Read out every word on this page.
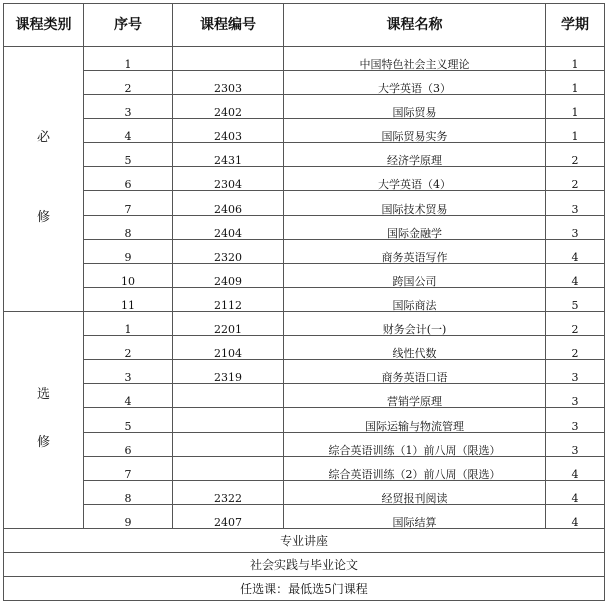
课程类别	序号	课程编号	课程名称	学期

必
修	1		中国特色社会主义理论	1
	2	2303	大学英语（3）	1
	3	2402	国际贸易	1
	4	2403	国际贸易实务	1
	5	2431	经济学原理	2
	6	2304	大学英语（4）	2
	7	2406	国际技术贸易	3
	8	2404	国际金融学	3
	9	2320	商务英语写作	4
	10	2409	跨国公司	4
	11	2112	国际商法	5

选
修	1	2201	财务会计(一)	2
	2	2104	线性代数	2
	3	2319	商务英语口语	3
	4		营销学原理	3
	5		国际运输与物流管理	3
	6		综合英语训练（1）前八周（限选）	3
	7		综合英语训练（2）前八周（限选）	4
	8	2322	经贸报刊阅读	4
	9	2407	国际结算	4
专业讲座				
社会实践与毕业论文				
任选课：最低选5门课程				
